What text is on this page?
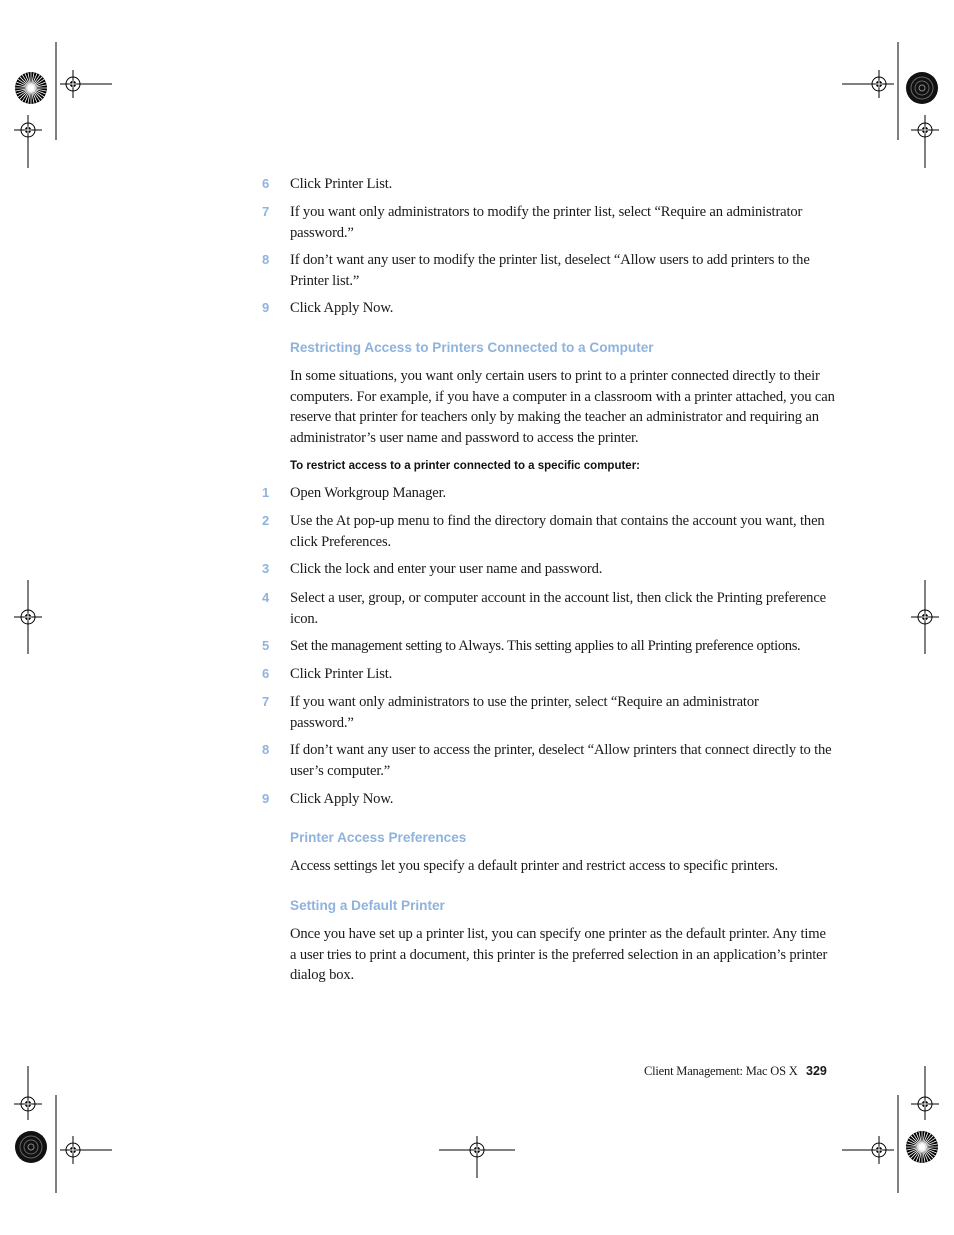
6	Click Printer List.
7	If you want only administrators to modify the printer list, select “Require an administrator password.”
8	If don’t want any user to modify the printer list, deselect “Allow users to add printers to the Printer list.”
9	Click Apply Now.
Restricting Access to Printers Connected to a Computer
In some situations, you want only certain users to print to a printer connected directly to their computers. For example, if you have a computer in a classroom with a printer attached, you can reserve that printer for teachers only by making the teacher an administrator and requiring an administrator’s user name and password to access the printer.
To restrict access to a printer connected to a specific computer:
1	Open Workgroup Manager.
2	Use the At pop-up menu to find the directory domain that contains the account you want, then click Preferences.
3	Click the lock and enter your user name and password.
4	Select a user, group, or computer account in the account list, then click the Printing preference icon.
5	Set the management setting to Always. This setting applies to all Printing preference options.
6	Click Printer List.
7	If you want only administrators to use the printer, select “Require an administrator password.”
8	If don’t want any user to access the printer, deselect “Allow printers that connect directly to the user’s computer.”
9	Click Apply Now.
Printer Access Preferences
Access settings let you specify a default printer and restrict access to specific printers.
Setting a Default Printer
Once you have set up a printer list, you can specify one printer as the default printer. Any time a user tries to print a document, this printer is the preferred selection in an application’s printer dialog box.
Client Management: Mac OS X 329
